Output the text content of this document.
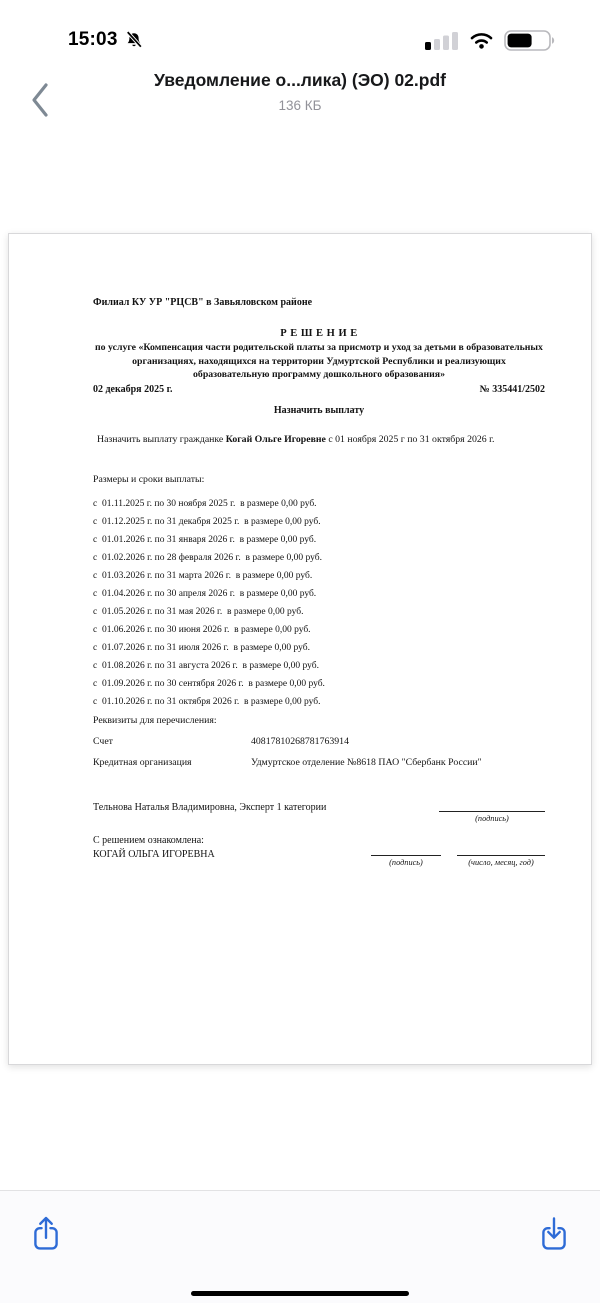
15:03
Уведомление о...лика) (ЭО) 02.pdf
136 КБ
Филиал КУ УР "РЦСВ" в Завьяловском районе
Р Е Ш Е Н И Е
по услуге «Компенсация части родительской платы за присмотр и уход за детьми в образовательных организациях, находящихся на территории Удмуртской Республики и реализующих образовательную программу дошкольного образования»
02 декабря 2025 г.	№ 335441/2502
Назначить выплату
Назначить выплату гражданке Когай Ольге Игоревне с 01 ноября 2025 г по 31 октября 2026 г.
Размеры и сроки выплаты:
с  01.11.2025 г. по 30 ноября 2025 г.  в размере 0,00 руб.
с  01.12.2025 г. по 31 декабря 2025 г.  в размере 0,00 руб.
с  01.01.2026 г. по 31 января 2026 г.  в размере 0,00 руб.
с  01.02.2026 г. по 28 февраля 2026 г.  в размере 0,00 руб.
с  01.03.2026 г. по 31 марта 2026 г.  в размере 0,00 руб.
с  01.04.2026 г. по 30 апреля 2026 г.  в размере 0,00 руб.
с  01.05.2026 г. по 31 мая 2026 г.  в размере 0,00 руб.
с  01.06.2026 г. по 30 июня 2026 г.  в размере 0,00 руб.
с  01.07.2026 г. по 31 июля 2026 г.  в размере 0,00 руб.
с  01.08.2026 г. по 31 августа 2026 г.  в размере 0,00 руб.
с  01.09.2026 г. по 30 сентября 2026 г.  в размере 0,00 руб.
с  01.10.2026 г. по 31 октября 2026 г.  в размере 0,00 руб.
Реквизиты для перечисления:
Счет	40817810268781763914
Кредитная организация	Удмуртское отделение №8618 ПАО "Сбербанк России"
Тельнова Наталья Владимировна, Эксперт 1 категории
(подпись)
С решением ознакомлена:
КОГАЙ ОЛЬГА ИГОРЕВНА
(подпись)	(число, месяц, год)
